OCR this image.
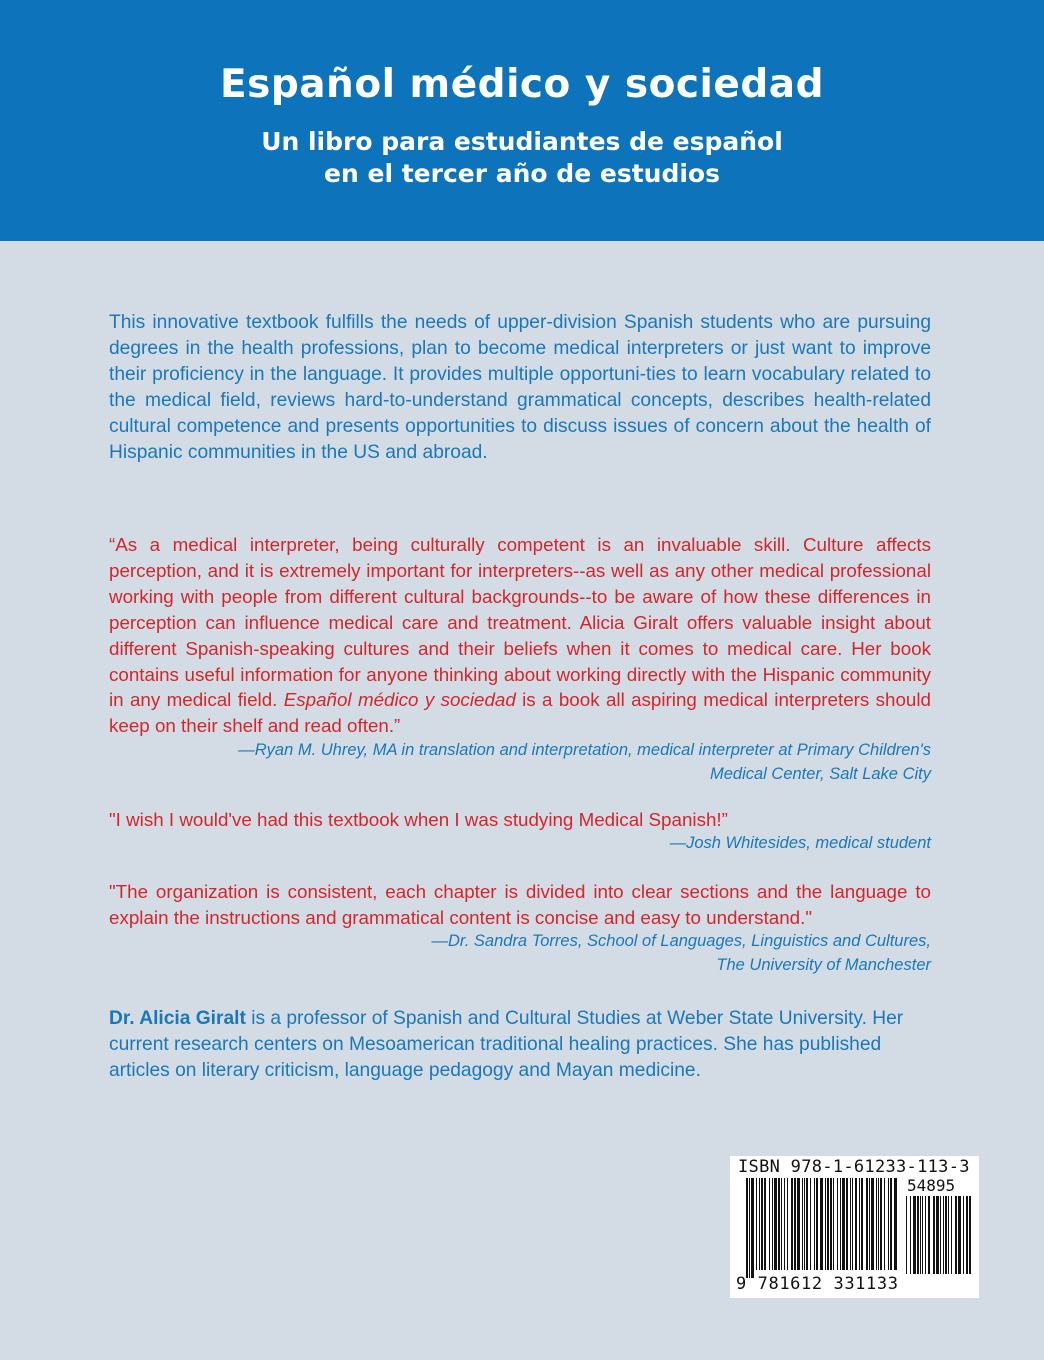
Español médico y sociedad
Un libro para estudiantes de español
en el tercer año de estudios
This innovative textbook fulfills the needs of upper-division Spanish students who are pursuing degrees in the health professions, plan to become medical interpreters or just want to improve their proficiency in the language. It provides multiple opportuni-ties to learn vocabulary related to the medical field, reviews hard-to-understand grammatical concepts, describes health-related cultural competence and presents opportunities to discuss issues of concern about the health of Hispanic communities in the US and abroad.
“As a medical interpreter, being culturally competent is an invaluable skill. Culture affects perception, and it is extremely important for interpreters--as well as any other medical professional working with people from different cultural backgrounds--to be aware of how these differences in perception can influence medical care and treatment. Alicia Giralt offers valuable insight about different Spanish-speaking cultures and their beliefs when it comes to medical care. Her book contains useful information for anyone thinking about working directly with the Hispanic community in any medical field. Español médico y sociedad is a book all aspiring medical interpreters should keep on their shelf and read often.”
—Ryan M. Uhrey, MA in translation and interpretation, medical interpreter at Primary Children's
Medical Center, Salt Lake City
"I wish I would've had this textbook when I was studying Medical Spanish!”
—Josh Whitesides, medical student
"The organization is consistent, each chapter is divided into clear sections and the language to explain the instructions and grammatical content is concise and easy to understand."
—Dr. Sandra Torres, School of Languages, Linguistics and Cultures,
The University of Manchester
Dr. Alicia Giralt is a professor of Spanish and Cultural Studies at Weber State University. Her current research centers on Mesoamerican traditional healing practices. She has published articles on literary criticism, language pedagogy and Mayan medicine.
ISBN 978-1-61233-113-3
54895
9 781612 331133
